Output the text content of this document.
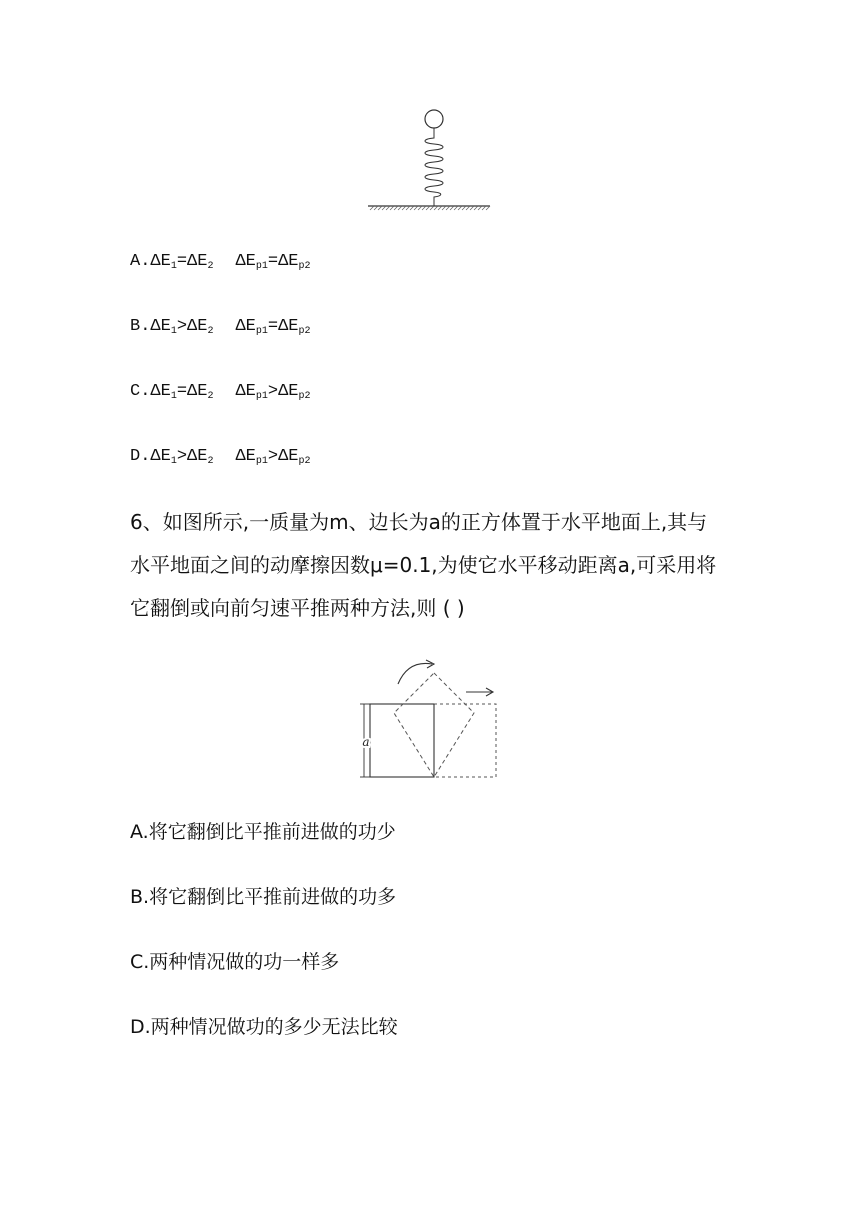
$A.\Delta E_1=\Delta E_2$ $\Delta E_{p1}=\Delta E_{p2}$
$B.\Delta E_1>\Delta E_2$ $\Delta E_{p1}=\Delta E_{p2}$
$C.\Delta E_1=\Delta E_2$ $\Delta E_{p1}>\Delta E_{p2}$
$D.\Delta E_1>\Delta E_2$ $\Delta E_{p1}>\Delta E_{p2}$
6、如图所示,一质量为m、边长为a的正方体置于水平地面上,其与
水平地面之间的动摩擦因数μ=0.1,为使它水平移动距离a,可采用将
它翻倒或向前匀速平推两种方法,则 ( )
a
A.将它翻倒比平推前进做的功少
B.将它翻倒比平推前进做的功多
C.两种情况做的功一样多
D.两种情况做功的多少无法比较
